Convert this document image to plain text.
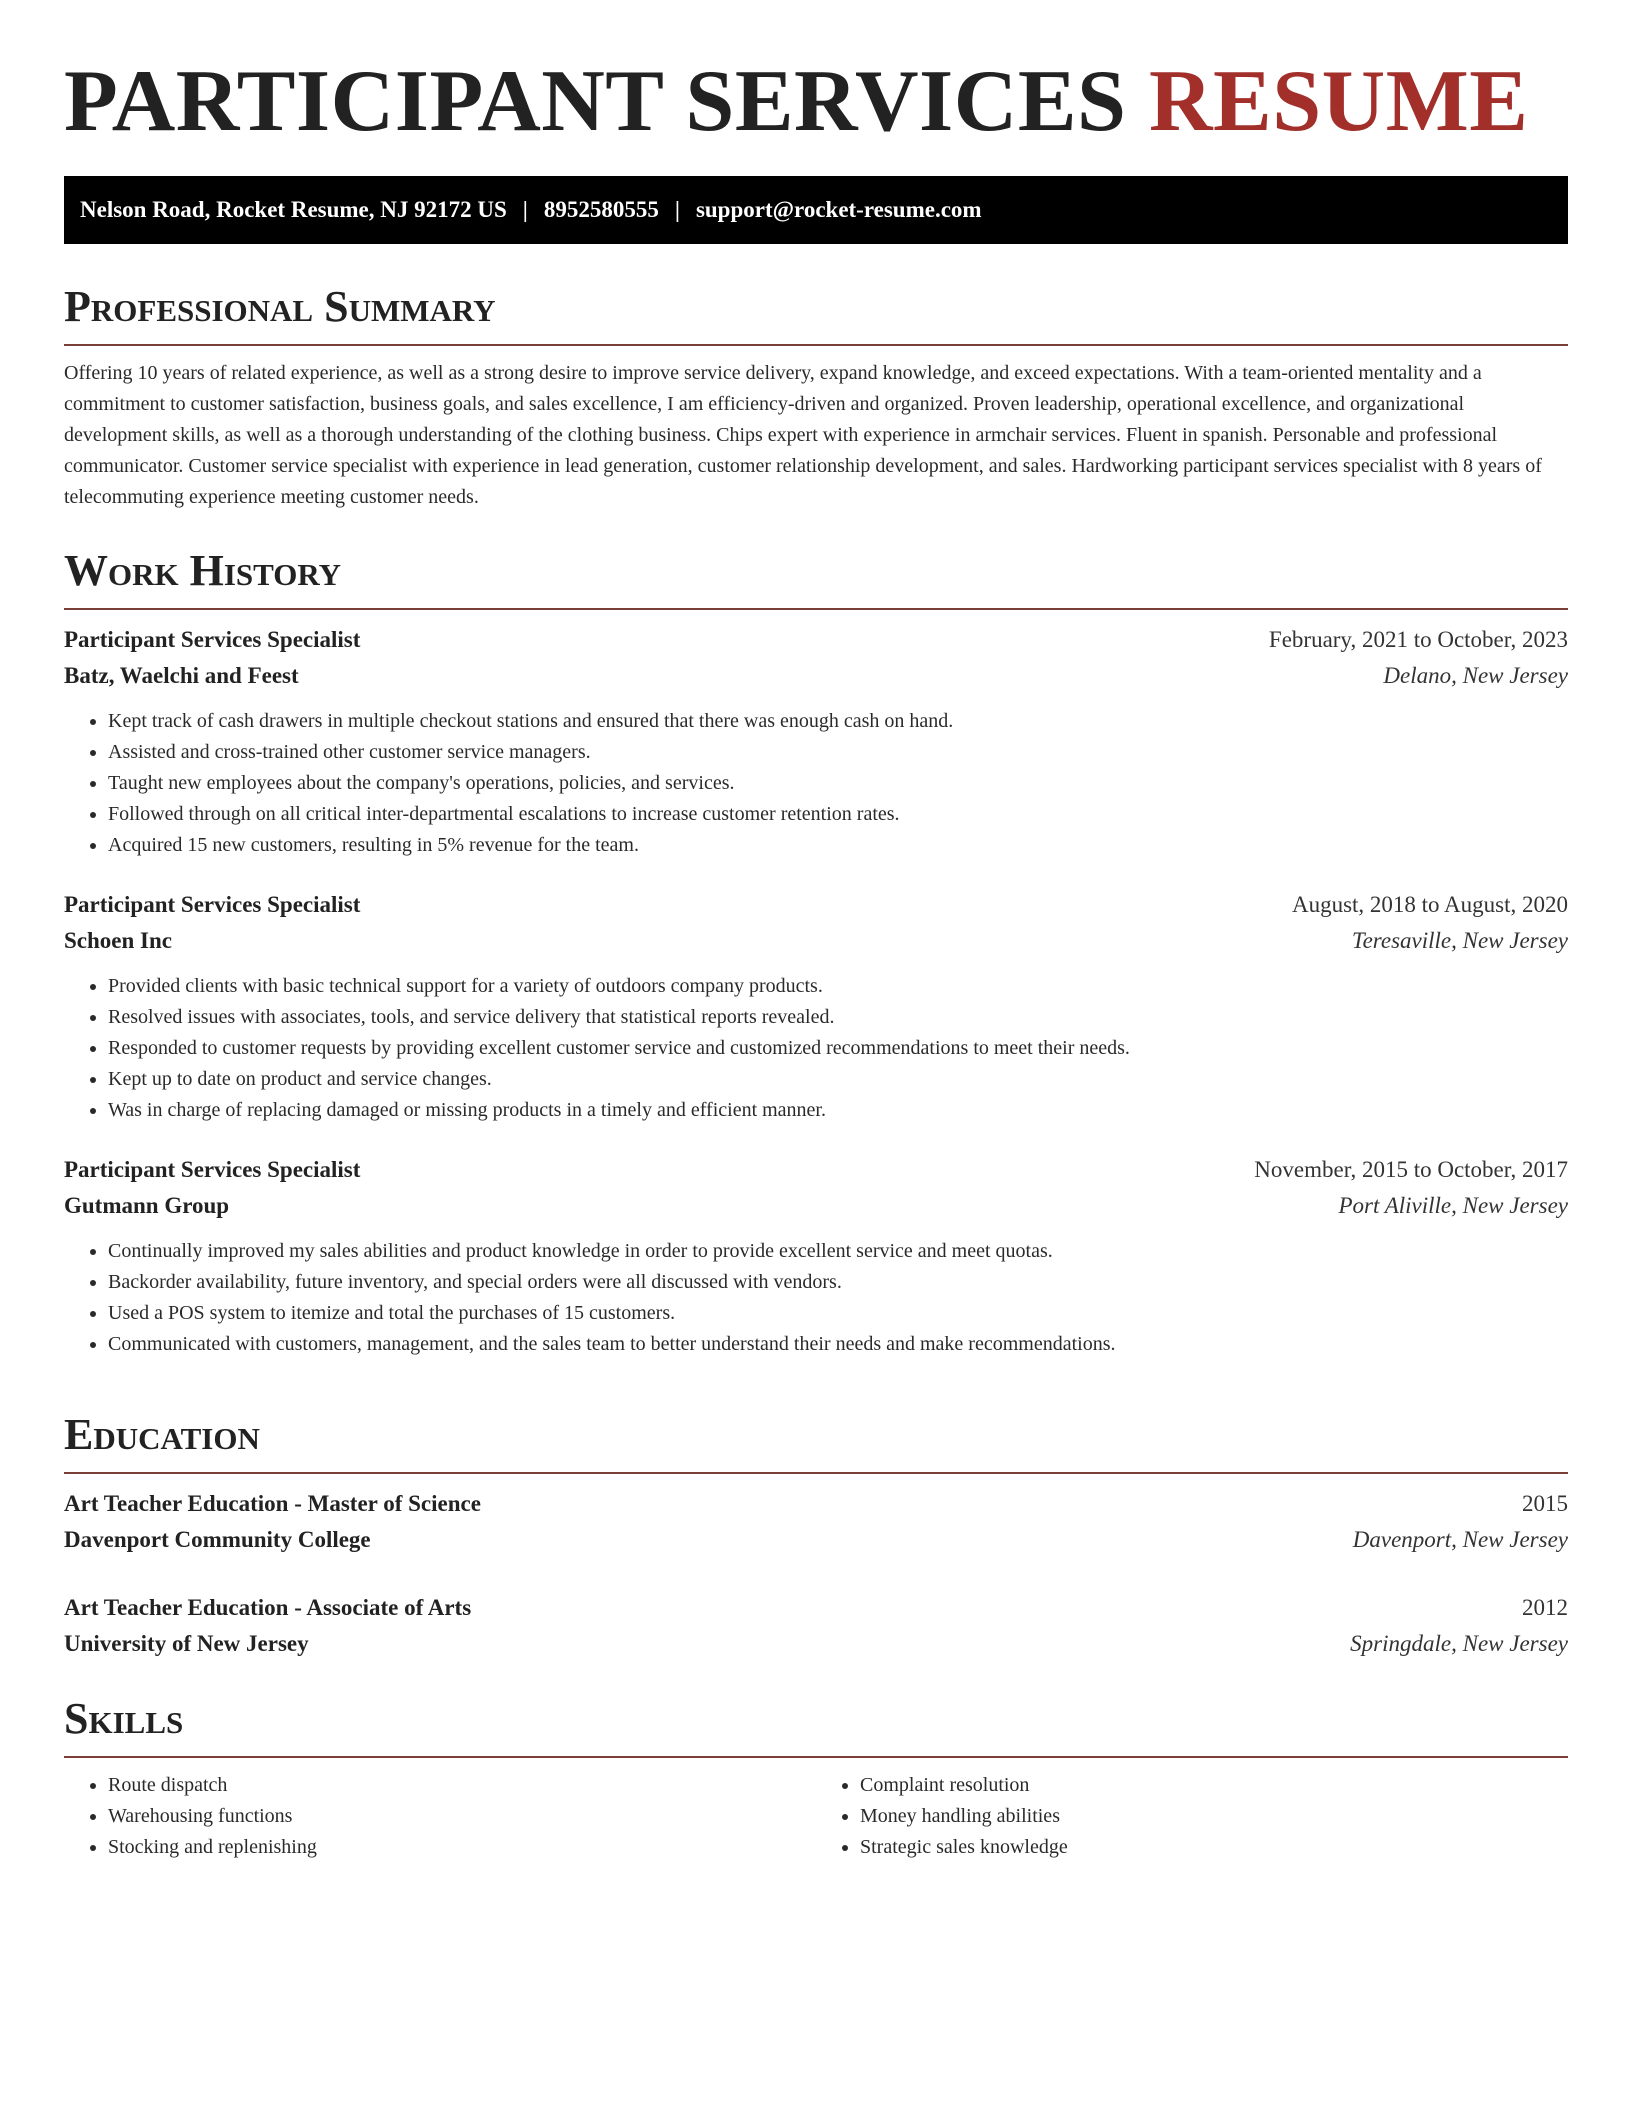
PARTICIPANT SERVICES RESUME
Nelson Road, Rocket Resume, NJ 92172 US | 8952580555 | support@rocket-resume.com
Professional Summary

Offering 10 years of related experience, as well as a strong desire to improve service delivery, expand knowledge, and exceed expectations. With a team-oriented mentality and a commitment to customer satisfaction, business goals, and sales excellence, I am efficiency-driven and organized. Proven leadership, operational excellence, and organizational development skills, as well as a thorough understanding of the clothing business. Chips expert with experience in armchair services. Fluent in spanish. Personable and professional communicator. Customer service specialist with experience in lead generation, customer relationship development, and sales. Hardworking participant services specialist with 8 years of telecommuting experience meeting customer needs.

Work History
Participant Services Specialist	February, 2021 to October, 2023
Batz, Waelchi and Feest	Delano, New Jersey
• Kept track of cash drawers in multiple checkout stations and ensured that there was enough cash on hand.
• Assisted and cross-trained other customer service managers.
• Taught new employees about the company's operations, policies, and services.
• Followed through on all critical inter-departmental escalations to increase customer retention rates.
• Acquired 15 new customers, resulting in 5% revenue for the team.
Participant Services Specialist	August, 2018 to August, 2020
Schoen Inc	Teresaville, New Jersey
• Provided clients with basic technical support for a variety of outdoors company products.
• Resolved issues with associates, tools, and service delivery that statistical reports revealed.
• Responded to customer requests by providing excellent customer service and customized recommendations to meet their needs.
• Kept up to date on product and service changes.
• Was in charge of replacing damaged or missing products in a timely and efficient manner.
Participant Services Specialist	November, 2015 to October, 2017
Gutmann Group	Port Aliville, New Jersey
• Continually improved my sales abilities and product knowledge in order to provide excellent service and meet quotas.
• Backorder availability, future inventory, and special orders were all discussed with vendors.
• Used a POS system to itemize and total the purchases of 15 customers.
• Communicated with customers, management, and the sales team to better understand their needs and make recommendations.
Education
Art Teacher Education - Master of Science	2015
Davenport Community College	Davenport, New Jersey
Art Teacher Education - Associate of Arts	2012
University of New Jersey	Springdale, New Jersey
Skills
• Route dispatch
• Warehousing functions
• Stocking and replenishing
• Complaint resolution
• Money handling abilities
• Strategic sales knowledge
